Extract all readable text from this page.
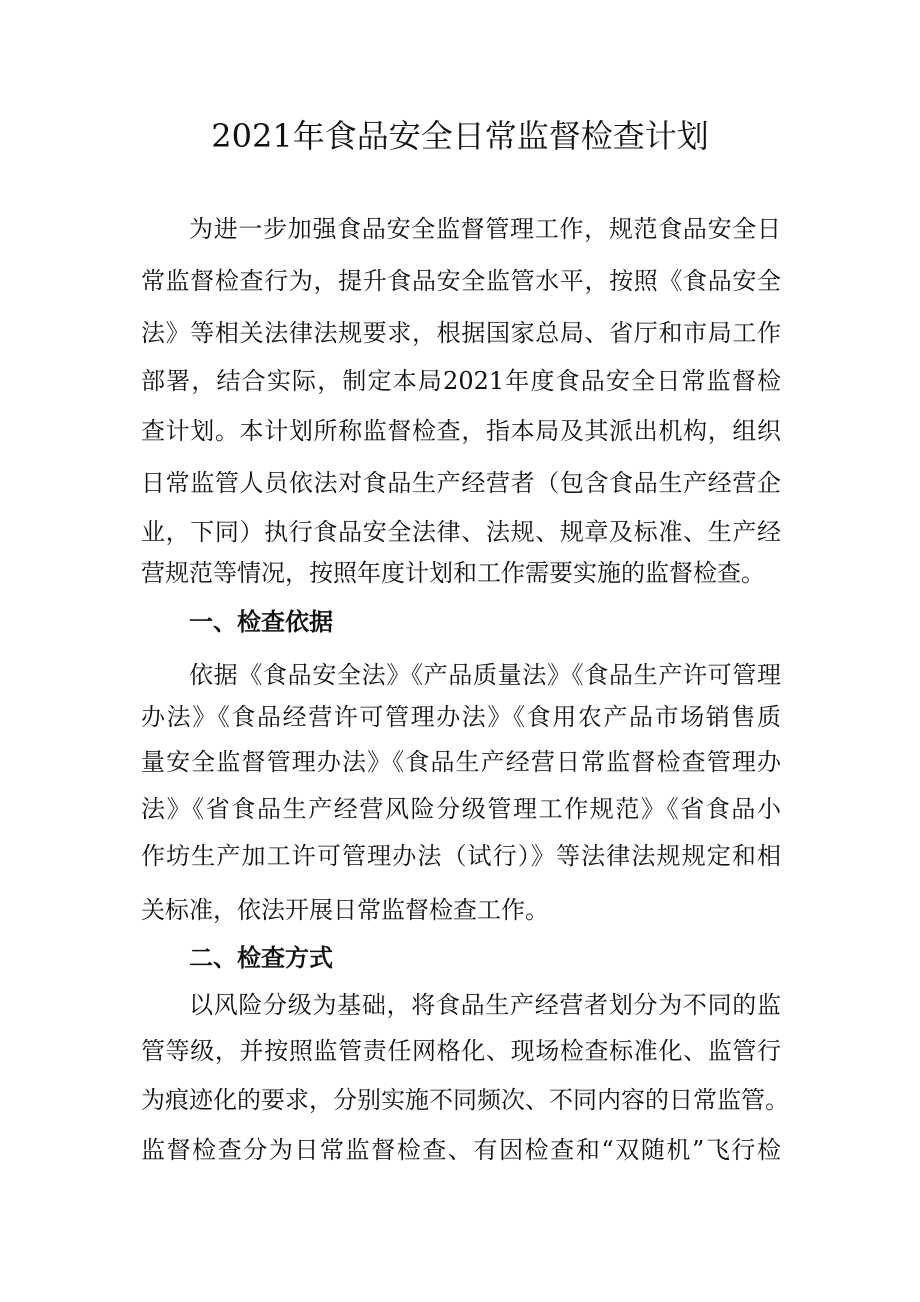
2021年食品安全日常监督检查计划
为进一步加强食品安全监督管理工作，规范食品安全日
常监督检查行为，提升食品安全监管水平，按照《食品安全
法》等相关法律法规要求，根据国家总局、省厅和市局工作
部署，结合实际，制定本局2021年度食品安全日常监督检
查计划。本计划所称监督检查，指本局及其派出机构，组织
日常监管人员依法对食品生产经营者（包含食品生产经营企
业，下同）执行食品安全法律、法规、规章及标准、生产经
营规范等情况，按照年度计划和工作需要实施的监督检查。
一、检查依据
依据《食品安全法》《产品质量法》《食品生产许可管理
办法》《食品经营许可管理办法》《食用农产品市场销售质
量安全监督管理办法》《食品生产经营日常监督检查管理办
法》《省食品生产经营风险分级管理工作规范》《省食品小
作坊生产加工许可管理办法（试行）》等法律法规规定和相
关标准，依法开展日常监督检查工作。
二、检查方式
以风险分级为基础，将食品生产经营者划分为不同的监
管等级，并按照监管责任网格化、现场检查标准化、监管行
为痕迹化的要求，分别实施不同频次、不同内容的日常监管。
监督检查分为日常监督检查、有因检查和“双随机”飞行检
